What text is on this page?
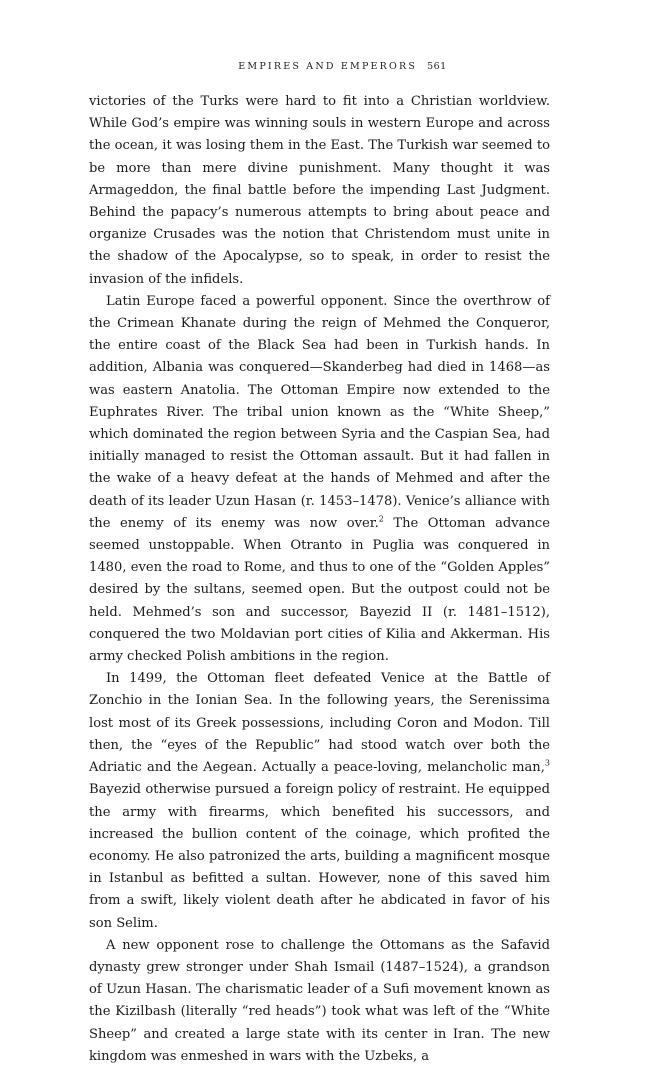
EMPIRES AND EMPERORS 561

victories of the Turks were hard to fit into a Christian worldview. While God’s empire was winning souls in western Europe and across the ocean, it was losing them in the East. The Turkish war seemed to be more than mere divine punishment. Many thought it was Armageddon, the final battle before the impending Last Judgment. Behind the papacy’s numerous attempts to bring about peace and organize Crusades was the notion that Christendom must unite in the shadow of the Apocalypse, so to speak, in order to resist the invasion of the infidels.

Latin Europe faced a powerful opponent. Since the overthrow of the Crimean Khanate during the reign of Mehmed the Conqueror, the entire coast of the Black Sea had been in Turkish hands. In addition, Albania was conquered—Skanderbeg had died in 1468—as was eastern Anatolia. The Ottoman Empire now extended to the Euphrates River. The tribal union known as the “White Sheep,” which dominated the region between Syria and the Caspian Sea, had initially managed to resist the Ottoman assault. But it had fallen in the wake of a heavy defeat at the hands of Mehmed and after the death of its leader Uzun Hasan (r. 1453–1478). Venice’s alliance with the enemy of its enemy was now over.$^2$ The Ottoman advance seemed unstoppable. When Otranto in Puglia was conquered in 1480, even the road to Rome, and thus to one of the “Golden Apples” desired by the sultans, seemed open. But the outpost could not be held. Mehmed’s son and successor, Bayezid II (r. 1481–1512), conquered the two Moldavian port cities of Kilia and Akkerman. His army checked Polish ambitions in the region.

In 1499, the Ottoman fleet defeated Venice at the Battle of Zonchio in the Ionian Sea. In the following years, the Serenissima lost most of its Greek possessions, including Coron and Modon. Till then, the “eyes of the Republic” had stood watch over both the Adriatic and the Aegean. Actually a peace-loving, melancholic man,$^3$ Bayezid otherwise pursued a foreign policy of restraint. He equipped the army with firearms, which benefited his successors, and increased the bullion content of the coinage, which profited the economy. He also patronized the arts, building a magnificent mosque in Istanbul as befitted a sultan. However, none of this saved him from a swift, likely violent death after he abdicated in favor of his son Selim.

A new opponent rose to challenge the Ottomans as the Safavid dynasty grew stronger under Shah Ismail (1487–1524), a grandson of Uzun Hasan. The charismatic leader of a Sufi movement known as the Kizilbash (literally “red heads”) took what was left of the “White Sheep” and created a large state with its center in Iran. The new kingdom was enmeshed in wars with the Uzbeks, a
